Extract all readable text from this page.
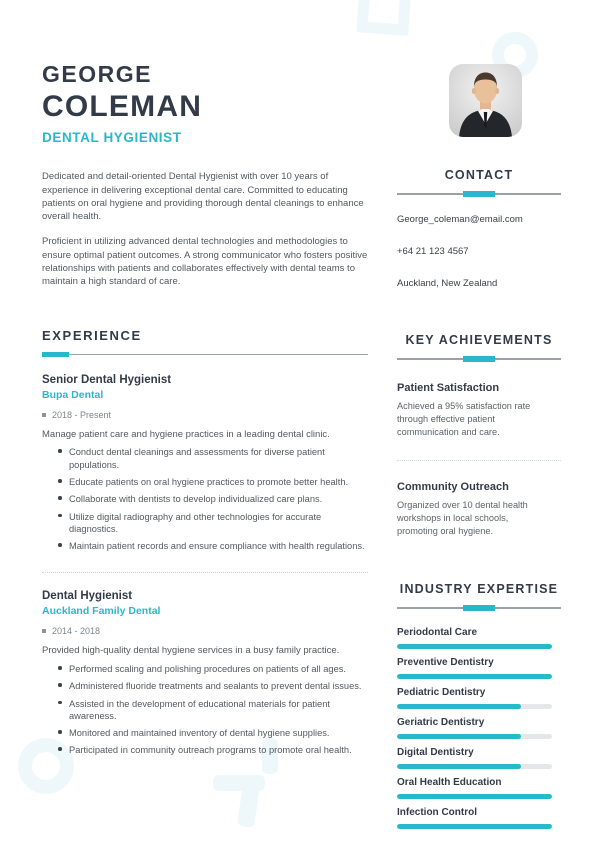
GEORGE
COLEMAN
DENTAL HYGIENIST

Dedicated and detail-oriented Dental Hygienist with over 10 years of experience in delivering exceptional dental care. Committed to educating patients on oral hygiene and providing thorough dental cleanings to enhance overall health.

Proficient in utilizing advanced dental technologies and methodologies to ensure optimal patient outcomes. A strong communicator who fosters positive relationships with patients and collaborates effectively with dental teams to maintain a high standard of care.

EXPERIENCE
Senior Dental Hygienist
Bupa Dental
2018 - Present
Manage patient care and hygiene practices in a leading dental clinic.
Conduct dental cleanings and assessments for diverse patient populations.
Educate patients on oral hygiene practices to promote better health.
Collaborate with dentists to develop individualized care plans.
Utilize digital radiography and other technologies for accurate diagnostics.
Maintain patient records and ensure compliance with health regulations.
Dental Hygienist
Auckland Family Dental
2014 - 2018
Provided high-quality dental hygiene services in a busy family practice.
Performed scaling and polishing procedures on patients of all ages.
Administered fluoride treatments and sealants to prevent dental issues.
Assisted in the development of educational materials for patient awareness.
Monitored and maintained inventory of dental hygiene supplies.
Participated in community outreach programs to promote oral health.
CONTACT
George_coleman@email.com
+64 21 123 4567
Auckland, New Zealand
KEY ACHIEVEMENTS
Patient Satisfaction
Achieved a 95% satisfaction rate through effective patient communication and care.
Community Outreach
Organized over 10 dental health workshops in local schools, promoting oral hygiene.
INDUSTRY EXPERTISE
Periodontal Care
Preventive Dentistry
Pediatric Dentistry
Geriatric Dentistry
Digital Dentistry
Oral Health Education
Infection Control
